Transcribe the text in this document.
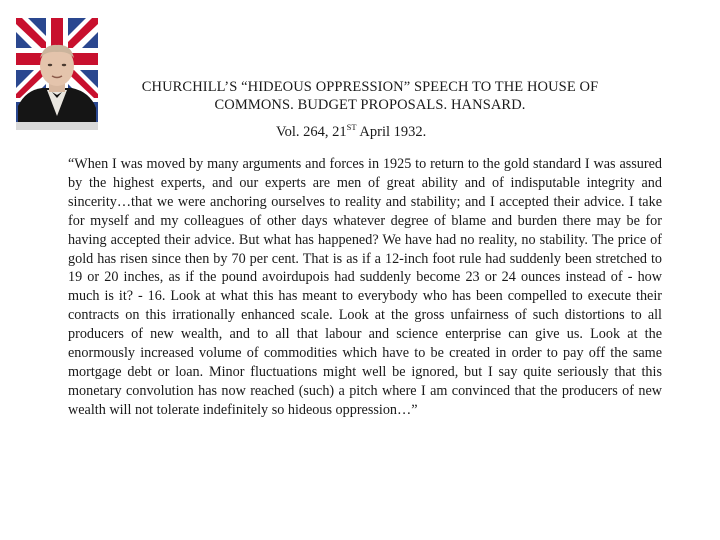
CHURCHILL’S “HIDEOUS OPPRESSION” SPEECH TO THE HOUSE OF
COMMONS. BUDGET PROPOSALS. HANSARD.
Vol. 264, 21ST April 1932.

“When I was moved by many arguments and forces in 1925 to return to the gold standard I was assured by the highest experts, and our experts are men of great ability and of indisputable integrity and sincerity…that we were anchoring ourselves to reality and stability; and I accepted their advice. I take for myself and my colleagues of other days whatever degree of blame and burden there may be for having accepted their advice. But what has happened? We have had no reality, no stability. The price of gold has risen since then by 70 per cent. That is as if a 12-inch foot rule had suddenly been stretched to 19 or 20 inches, as if the pound avoirdupois had suddenly become 23 or 24 ounces instead of - how much is it? - 16. Look at what this has meant to everybody who has been compelled to execute their contracts on this irrationally enhanced scale. Look at the gross unfairness of such distortions to all producers of new wealth, and to all that labour and science enterprise can give us. Look at the enormously increased volume of commodities which have to be created in order to pay off the same mortgage debt or loan. Minor fluctuations might well be ignored, but I say quite seriously that this monetary convolution has now reached (such) a pitch where I am convinced that the producers of new wealth will not tolerate indefinitely so hideous oppression…”
